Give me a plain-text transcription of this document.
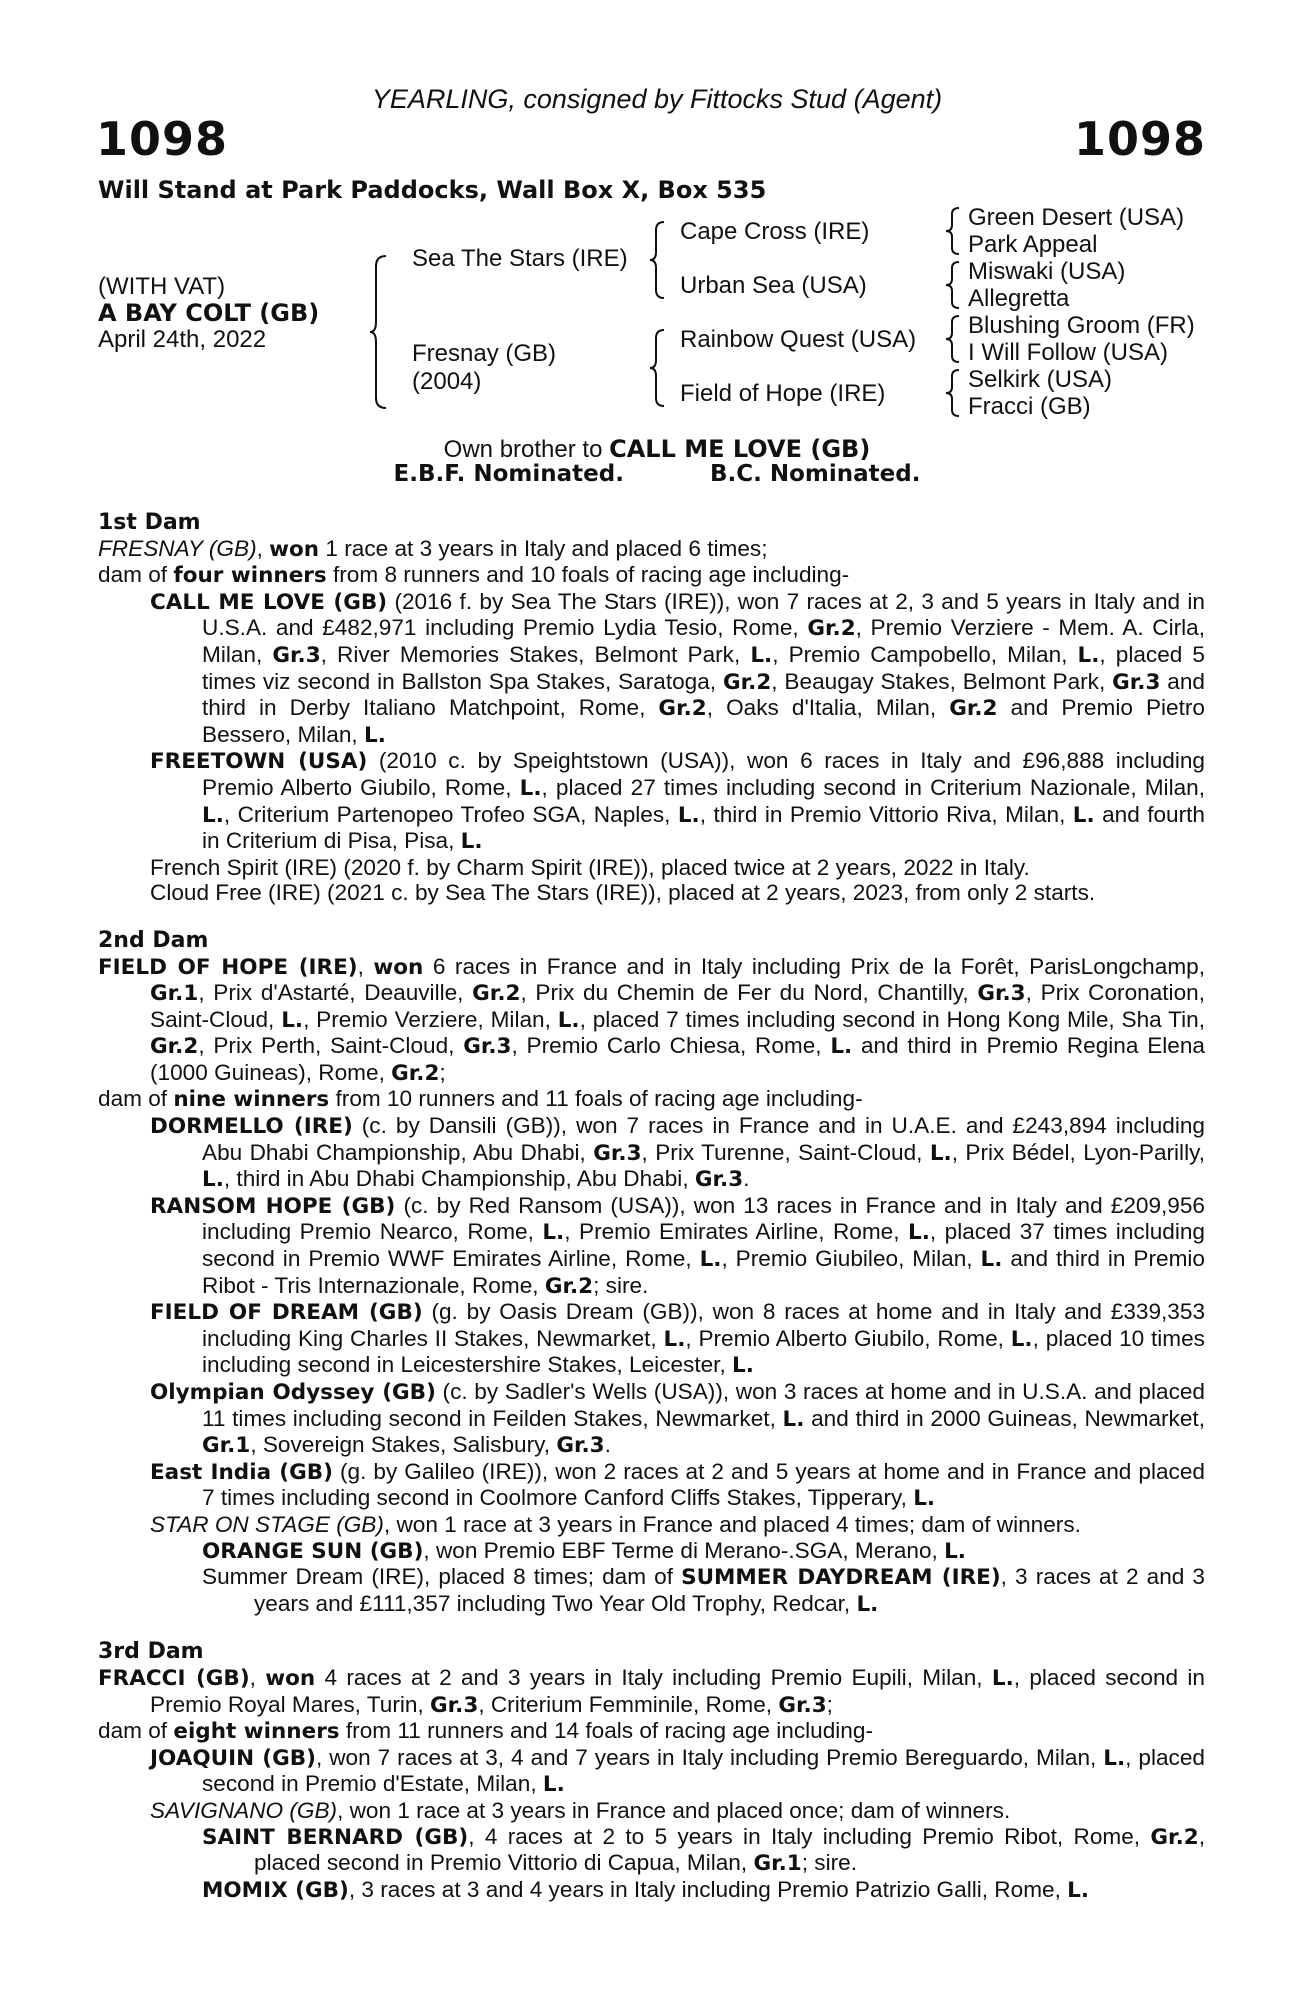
YEARLING, consigned by Fittocks Stud (Agent)
1098	1098
Will Stand at Park Paddocks, Wall Box X, Box 535
(WITH VAT)
A BAY COLT (GB)
April 24th, 2022
Sea The Stars (IRE)
Fresnay (GB)
(2004)
Cape Cross (IRE)
Urban Sea (USA)
Rainbow Quest (USA)
Field of Hope (IRE)
Green Desert (USA)
Park Appeal
Miswaki (USA)
Allegretta
Blushing Groom (FR)
I Will Follow (USA)
Selkirk (USA)
Fracci (GB)
Own brother to CALL ME LOVE (GB)
E.B.F. Nominated.	B.C. Nominated.
1st Dam
FRESNAY (GB), won 1 race at 3 years in Italy and placed 6 times;
dam of four winners from 8 runners and 10 foals of racing age including-
CALL ME LOVE (GB) (2016 f. by Sea The Stars (IRE)), won 7 races at 2, 3 and 5 years in Italy and in U.S.A. and £482,971 including Premio Lydia Tesio, Rome, Gr.2, Premio Verziere - Mem. A. Cirla, Milan, Gr.3, River Memories Stakes, Belmont Park, L., Premio Campobello, Milan, L., placed 5 times viz second in Ballston Spa Stakes, Saratoga, Gr.2, Beaugay Stakes, Belmont Park, Gr.3 and third in Derby Italiano Matchpoint, Rome, Gr.2, Oaks d'Italia, Milan, Gr.2 and Premio Pietro Bessero, Milan, L.
FREETOWN (USA) (2010 c. by Speightstown (USA)), won 6 races in Italy and £96,888 including Premio Alberto Giubilo, Rome, L., placed 27 times including second in Criterium Nazionale, Milan, L., Criterium Partenopeo Trofeo SGA, Naples, L., third in Premio Vittorio Riva, Milan, L. and fourth in Criterium di Pisa, Pisa, L.
French Spirit (IRE) (2020 f. by Charm Spirit (IRE)), placed twice at 2 years, 2022 in Italy.
Cloud Free (IRE) (2021 c. by Sea The Stars (IRE)), placed at 2 years, 2023, from only 2 starts.
2nd Dam
FIELD OF HOPE (IRE), won 6 races in France and in Italy including Prix de la Forêt, ParisLongchamp, Gr.1, Prix d'Astarté, Deauville, Gr.2, Prix du Chemin de Fer du Nord, Chantilly, Gr.3, Prix Coronation, Saint-Cloud, L., Premio Verziere, Milan, L., placed 7 times including second in Hong Kong Mile, Sha Tin, Gr.2, Prix Perth, Saint-Cloud, Gr.3, Premio Carlo Chiesa, Rome, L. and third in Premio Regina Elena (1000 Guineas), Rome, Gr.2;
dam of nine winners from 10 runners and 11 foals of racing age including-
DORMELLO (IRE) (c. by Dansili (GB)), won 7 races in France and in U.A.E. and £243,894 including Abu Dhabi Championship, Abu Dhabi, Gr.3, Prix Turenne, Saint-Cloud, L., Prix Bédel, Lyon-Parilly, L., third in Abu Dhabi Championship, Abu Dhabi, Gr.3.
RANSOM HOPE (GB) (c. by Red Ransom (USA)), won 13 races in France and in Italy and £209,956 including Premio Nearco, Rome, L., Premio Emirates Airline, Rome, L., placed 37 times including second in Premio WWF Emirates Airline, Rome, L., Premio Giubileo, Milan, L. and third in Premio Ribot - Tris Internazionale, Rome, Gr.2; sire.
FIELD OF DREAM (GB) (g. by Oasis Dream (GB)), won 8 races at home and in Italy and £339,353 including King Charles II Stakes, Newmarket, L., Premio Alberto Giubilo, Rome, L., placed 10 times including second in Leicestershire Stakes, Leicester, L.
Olympian Odyssey (GB) (c. by Sadler's Wells (USA)), won 3 races at home and in U.S.A. and placed 11 times including second in Feilden Stakes, Newmarket, L. and third in 2000 Guineas, Newmarket, Gr.1, Sovereign Stakes, Salisbury, Gr.3.
East India (GB) (g. by Galileo (IRE)), won 2 races at 2 and 5 years at home and in France and placed 7 times including second in Coolmore Canford Cliffs Stakes, Tipperary, L.
STAR ON STAGE (GB), won 1 race at 3 years in France and placed 4 times; dam of winners.
ORANGE SUN (GB), won Premio EBF Terme di Merano-.SGA, Merano, L.
Summer Dream (IRE), placed 8 times; dam of SUMMER DAYDREAM (IRE), 3 races at 2 and 3 years and £111,357 including Two Year Old Trophy, Redcar, L.
3rd Dam
FRACCI (GB), won 4 races at 2 and 3 years in Italy including Premio Eupili, Milan, L., placed second in Premio Royal Mares, Turin, Gr.3, Criterium Femminile, Rome, Gr.3;
dam of eight winners from 11 runners and 14 foals of racing age including-
JOAQUIN (GB), won 7 races at 3, 4 and 7 years in Italy including Premio Bereguardo, Milan, L., placed second in Premio d'Estate, Milan, L.
SAVIGNANO (GB), won 1 race at 3 years in France and placed once; dam of winners.
SAINT BERNARD (GB), 4 races at 2 to 5 years in Italy including Premio Ribot, Rome, Gr.2, placed second in Premio Vittorio di Capua, Milan, Gr.1; sire.
MOMIX (GB), 3 races at 3 and 4 years in Italy including Premio Patrizio Galli, Rome, L.
